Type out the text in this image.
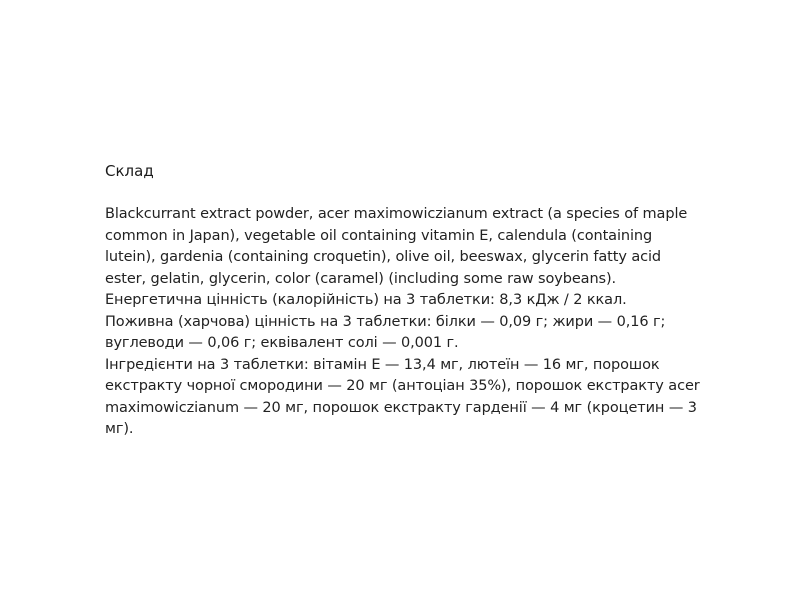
Склад

Blackcurrant extract powder, acer maximowiczianum extract (a species of maple common in Japan), vegetable oil containing vitamin E, calendula (containing lutein), gardenia (containing croquetin), olive oil, beeswax, glycerin fatty acid ester, gelatin, glycerin, color (caramel) (including some raw soybeans).

Енергетична цінність (калорійність) на 3 таблетки: 8,3 кДж / 2 ккал.

Поживна (харчова) цінність на 3 таблетки: білки — 0,09 г; жири — 0,16 г; вуглеводи — 0,06 г; еквівалент солі — 0,001 г.

Інгредієнти на 3 таблетки: вітамін Е — 13,4 мг, лютеїн — 16 мг, порошок екстракту чорної смородини — 20 мг (антоціан 35%), порошок екстракту acer maximowiczianum — 20 мг, порошок екстракту гарденії — 4 мг (кроцетин — 3 мг).
